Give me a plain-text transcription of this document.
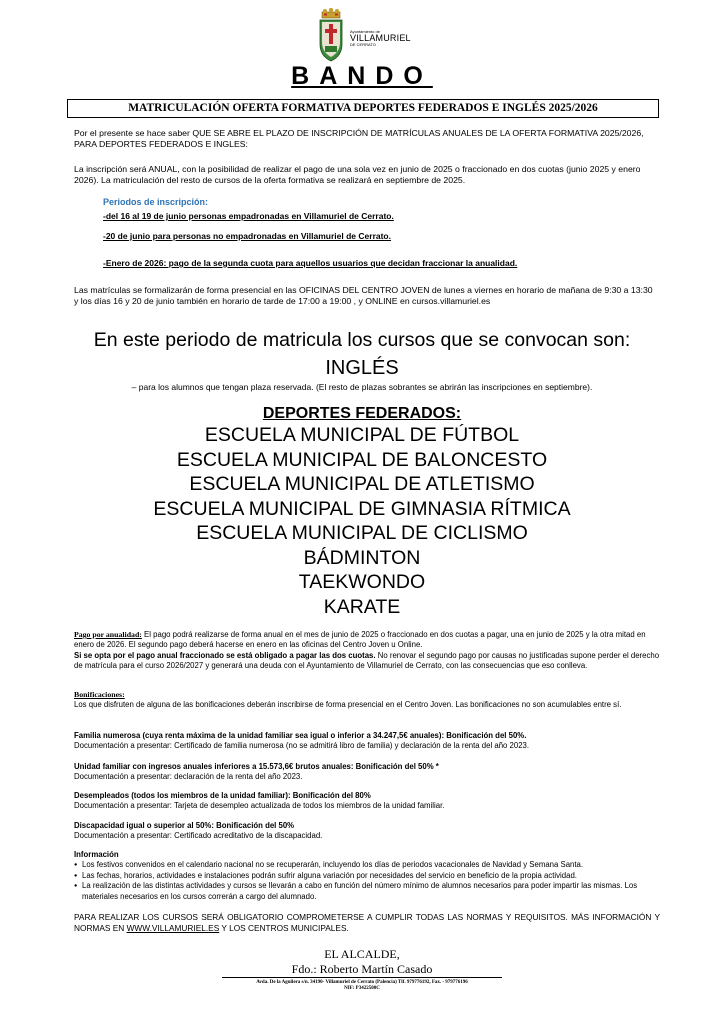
Ayuntamiento de
VILLAMURIEL
DE CERRATO
BANDO
MATRICULACIÓN OFERTA FORMATIVA DEPORTES FEDERADOS E INGLÉS 2025/2026
Por el presente se hace saber QUE SE ABRE EL PLAZO DE INSCRIPCIÓN DE MATRÍCULAS ANUALES DE LA OFERTA FORMATIVA 2025/2026, PARA DEPORTES FEDERADOS E INGLES:
La inscripción será ANUAL, con la posibilidad de realizar el pago de una sola vez en junio de 2025 o fraccionado en dos cuotas (junio 2025 y enero 2026). La matriculación del resto de cursos de la oferta formativa se realizará en septiembre de 2025.
Periodos de inscripción:
-del 16 al 19 de junio personas empadronadas en Villamuriel de Cerrato.
-20 de junio para personas no empadronadas en Villamuriel de Cerrato.
-Enero de 2026: pago de la segunda cuota para aquellos usuarios que decidan fraccionar la anualidad.
Las matrículas se formalizarán de forma presencial en las OFICINAS DEL CENTRO JOVEN de lunes a viernes en horario de mañana de 9:30 a 13:30 y los días 16 y 20 de junio también en horario de tarde de 17:00 a 19:00 , y ONLINE en cursos.villamuriel.es
En este periodo de matricula los cursos que se convocan son:
INGLÉS
– para los alumnos que tengan plaza reservada. (El resto de plazas sobrantes se abrirán las inscripciones en septiembre).
DEPORTES FEDERADOS:
ESCUELA MUNICIPAL DE FÚTBOL
ESCUELA MUNICIPAL DE BALONCESTO
ESCUELA MUNICIPAL DE ATLETISMO
ESCUELA MUNICIPAL DE GIMNASIA RÍTMICA
ESCUELA MUNICIPAL DE CICLISMO
BÁDMINTON
TAEKWONDO
KARATE
Pago por anualidad: El pago podrá realizarse de forma anual en el mes de junio de 2025 o fraccionado en dos cuotas a pagar, una en junio de 2025 y la otra mitad en enero de 2026. El segundo pago deberá hacerse en enero en las oficinas del Centro Joven u Online.
Si se opta por el pago anual fraccionado se está obligado a pagar las dos cuotas. No renovar el segundo pago por causas no justificadas supone perder el derecho de matrícula para el curso 2026/2027 y generará una deuda con el Ayuntamiento de Villamuriel de Cerrato, con las consecuencias que eso conlleva.
Bonificaciones:
Los que disfruten de alguna de las bonificaciones deberán inscribirse de forma presencial en el Centro Joven. Las bonificaciones no son acumulables entre sí.
Familia numerosa (cuya renta máxima de la unidad familiar sea igual o inferior a 34.247,5€ anuales): Bonificación del 50%.
Documentación a presentar: Certificado de familia numerosa (no se admitirá libro de familia) y declaración de la renta del año 2023.
Unidad familiar con ingresos anuales inferiores a 15.573,6€ brutos anuales: Bonificación del 50% *
Documentación a presentar: declaración de la renta del año 2023.
Desempleados (todos los miembros de la unidad familiar): Bonificación del 80%
Documentación a presentar: Tarjeta de desempleo actualizada de todos los miembros de la unidad familiar.
Discapacidad igual o superior al 50%: Bonificación del 50%
Documentación a presentar: Certificado acreditativo de la discapacidad.
Información
● Los festivos convenidos en el calendario nacional no se recuperarán, incluyendo los días de periodos vacacionales de Navidad y Semana Santa.
● Las fechas, horarios, actividades e instalaciones podrán sufrir alguna variación por necesidades del servicio en beneficio de la propia actividad.
● La realización de las distintas actividades y cursos se llevarán a cabo en función del número mínimo de alumnos necesarios para poder impartir las mismas. Los materiales necesarios en los cursos correrán a cargo del alumnado.
PARA REALIZAR LOS CURSOS SERÁ OBLIGATORIO COMPROMETERSE A CUMPLIR TODAS LAS NORMAS Y REQUISITOS. MÁS INFORMACIÓN Y NORMAS EN WWW.VILLAMURIEL.ES Y LOS CENTROS MUNICIPALES.
EL ALCALDE,
Fdo.: Roberto Martín Casado
Avda. De la Aguilera s/n. 34190- Villamuriel de Cerrato (Palencia) Tlf. 979776192, Fax. - 979776196
NIF: P3422500C
